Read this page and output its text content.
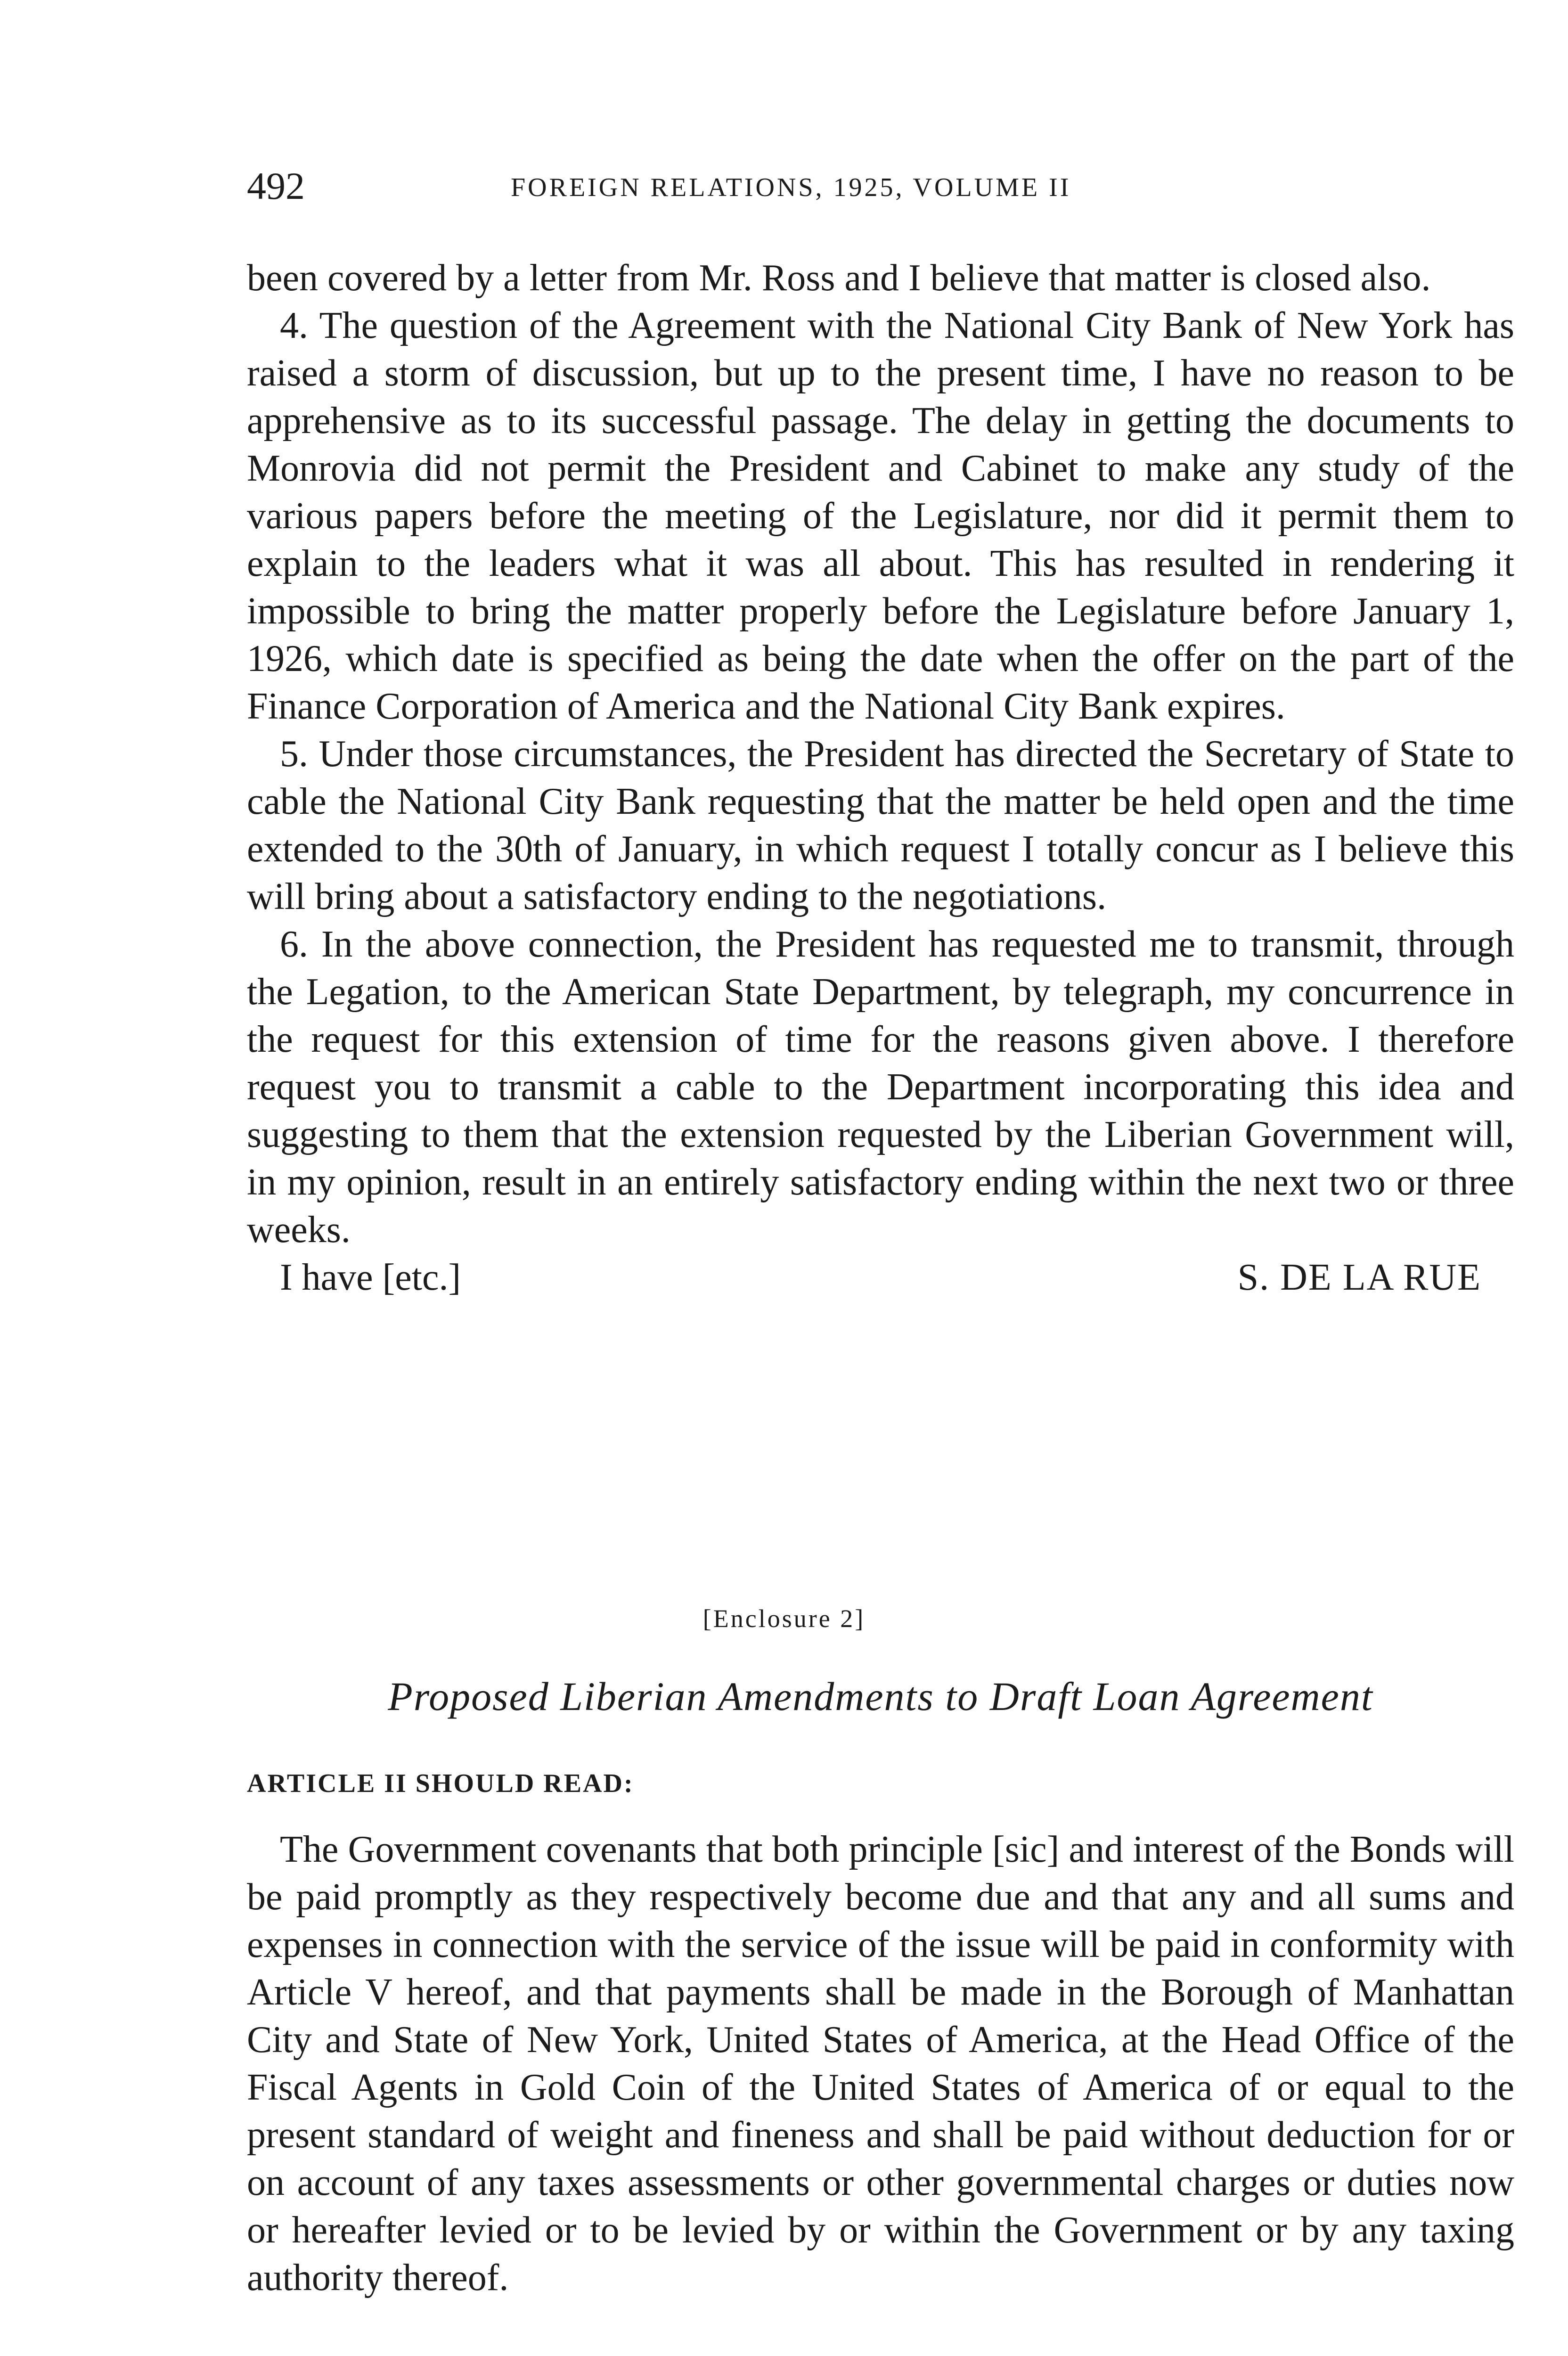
492	FOREIGN RELATIONS, 1925, VOLUME II

been covered by a letter from Mr. Ross and I believe that matter is closed also.

4. The question of the Agreement with the National City Bank of New York has raised a storm of discussion, but up to the present time, I have no reason to be apprehensive as to its successful passage. The delay in getting the documents to Monrovia did not permit the President and Cabinet to make any study of the various papers before the meeting of the Legislature, nor did it permit them to explain to the leaders what it was all about. This has resulted in rendering it impossible to bring the matter properly before the Legislature before January 1, 1926, which date is specified as being the date when the offer on the part of the Finance Corporation of America and the National City Bank expires.

5. Under those circumstances, the President has directed the Secretary of State to cable the National City Bank requesting that the matter be held open and the time extended to the 30th of January, in which request I totally concur as I believe this will bring about a satisfactory ending to the negotiations.

6. In the above connection, the President has requested me to transmit, through the Legation, to the American State Department, by telegraph, my concurrence in the request for this extension of time for the reasons given above. I therefore request you to transmit a cable to the Department incorporating this idea and suggesting to them that the extension requested by the Liberian Government will, in my opinion, result in an entirely satisfactory ending within the next two or three weeks.

I have [etc.]	S. DE LA RUE
[Enclosure 2]
Proposed Liberian Amendments to Draft Loan Agreement
ARTICLE II SHOULD READ:

The Government covenants that both principle [sic] and interest of the Bonds will be paid promptly as they respectively become due and that any and all sums and expenses in connection with the service of the issue will be paid in conformity with Article V hereof, and that payments shall be made in the Borough of Manhattan City and State of New York, United States of America, at the Head Office of the Fiscal Agents in Gold Coin of the United States of America of or equal to the present standard of weight and fineness and shall be paid without deduction for or on account of any taxes assessments or other governmental charges or duties now or hereafter levied or to be levied by or within the Government or by any taxing authority thereof.
